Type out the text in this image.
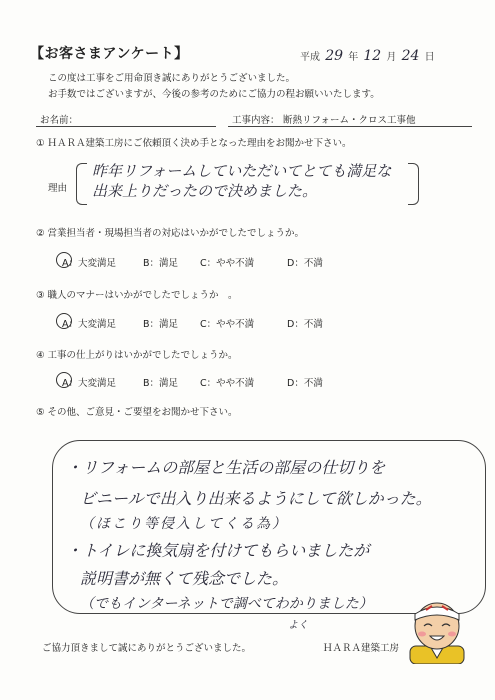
【お客さまアンケート】	平成 29 年 12 月 24 日
この度は工事をご用命頂き誠にありがとうございました。
お手数ではございますが、今後の参考のためにご協力の程お願いいたします。
お名前：	工事内容： 断熱リフォーム・クロス工事他
① ＨＡＲＡ建築工房にご依頼頂く決め手となった理由をお聞かせ下さい。
理由
昨年リフォームしていただいてとても満足な
出来上りだったので決めました。
② 営業担当者・現場担当者の対応はいかがでしたでしょうか。
A：大変満足	B：満足 C：やや不満	D：不満
③ 職人のマナーはいかがでしたでしょうか　。
A：大変満足	B：満足 C：やや不満	D：不満
④ 工事の仕上がりはいかがでしたでしょうか。
A：大変満足	B：満足 C：やや不満	D：不満
⑤ その他、ご意見・ご要望をお聞かせ下さい。
・リフォームの部屋と生活の部屋の仕切りを
ビニールで出入り出来るようにして欲しかった。
（ほこり等侵入してくる為）
・トイレに換気扇を付けてもらいましたが
説明書が無くて残念でした。
（でもインターネットで調べてわかりました）
よく
ご協力頂きまして誠にありがとうございました。	ＨＡＲＡ建築工房
